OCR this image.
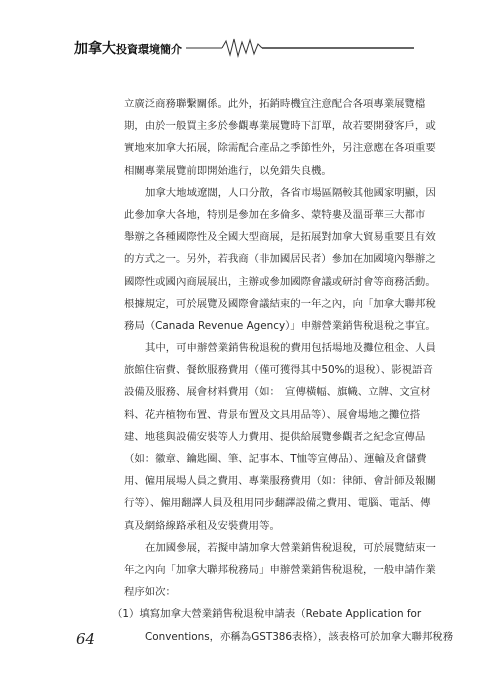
加拿大投資環境簡介
立廣泛商務聯繫關係。此外，拓銷時機宜注意配合各項專業展覽檔
期，由於一般買主多於參觀專業展覽時下訂單，故若要開發客戶，或
實地來加拿大拓展，除需配合產品之季節性外，另注意應在各項重要
相關專業展覽前即開始進行，以免錯失良機。
加拿大地域遼闊，人口分散，各省市場區隔較其他國家明顯，因
此參加拿大各地，特別是參加在多倫多、蒙特婁及溫哥華三大都市
舉辦之各種國際性及全國大型商展，是拓展對加拿大貿易重要且有效
的方式之一。另外，若我商（非加國居民者）參加在加國境內舉辦之
國際性或國內商展展出，主辦或參加國際會議或研討會等商務活動。
根據規定，可於展覽及國際會議結束的一年之內，向「加拿大聯邦稅
務局（Canada Revenue Agency）」申辦營業銷售稅退稅之事宜。
其中，可申辦營業銷售稅退稅的費用包括場地及攤位租金、人員
旅館住宿費、餐飲服務費用（僅可獲得其中50%的退稅）、影視語音
設備及服務、展會材料費用（如：　宣傳橫幅、旗幟、立牌、文宣材
料、花卉植物布置、背景布置及文具用品等）、展會場地之攤位搭
建、地毯與設備安裝等人力費用、提供給展覽參觀者之紀念宣傳品
（如：徽章、鑰匙圈、筆、記事本、T恤等宣傳品）、運輸及倉儲費
用、僱用展場人員之費用、專業服務費用（如：律師、會計師及報關
行等）、僱用翻譯人員及租用同步翻譯設備之費用、電腦、電話、傳
真及網絡線路承租及安裝費用等。
在加國參展，若擬申請加拿大營業銷售稅退稅，可於展覽結束一
年之內向「加拿大聯邦稅務局」申辦營業銷售稅退稅，一般申請作業
程序如次：
（1）填寫加拿大營業銷售稅退稅申請表（Rebate Application for
Conventions，亦稱為GST386表格），該表格可於加拿大聯邦稅務
64
